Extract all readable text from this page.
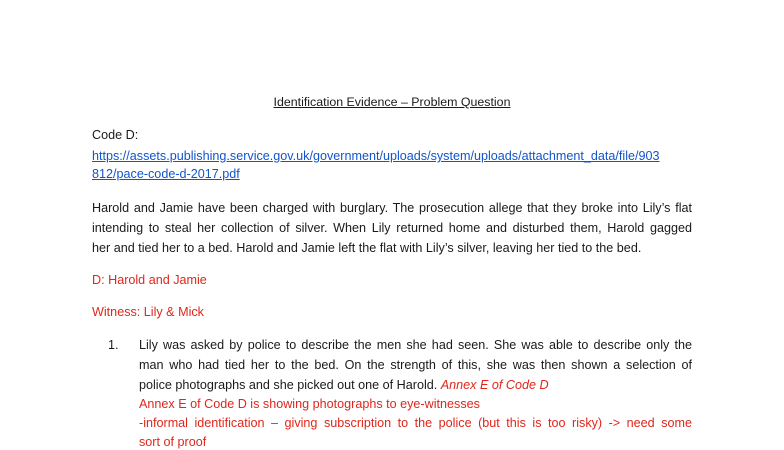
Identification Evidence – Problem Question
Code D:
https://assets.publishing.service.gov.uk/government/uploads/system/uploads/attachment_data/file/903
812/pace-code-d-2017.pdf
Harold and Jamie have been charged with burglary. The prosecution allege that they broke into Lily’s flat
intending to steal her collection of silver. When Lily returned home and disturbed them, Harold gagged
her and tied her to a bed. Harold and Jamie left the flat with Lily’s silver, leaving her tied to the bed.
D: Harold and Jamie
Witness: Lily & Mick
1. Lily was asked by police to describe the men she had seen. She was able to describe only the
man who had tied her to the bed. On the strength of this, she was then shown a selection of
police photographs and she picked out one of Harold. Annex E of Code D
Annex E of Code D is showing photographs to eye-witnesses
-informal identification – giving subscription to the police (but this is too risky) -> need some
sort of proof
